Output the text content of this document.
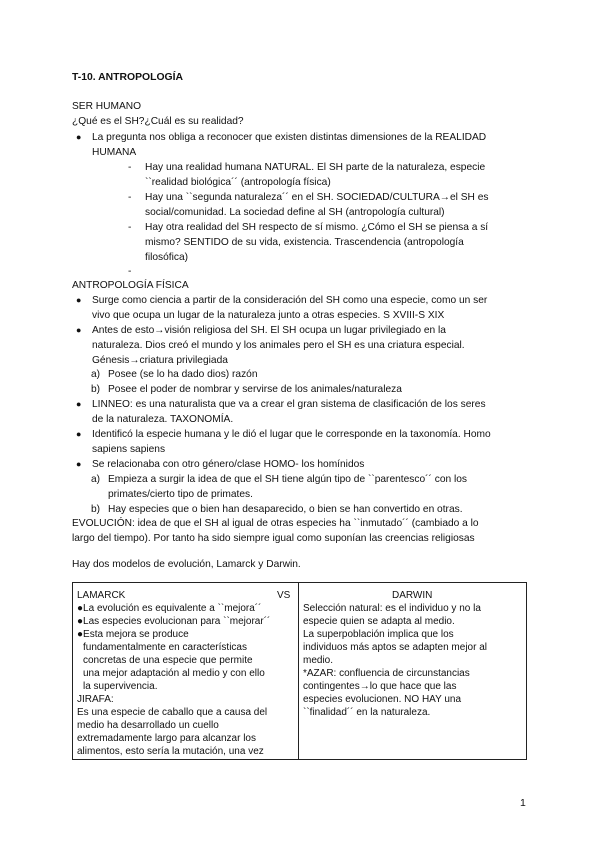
T-10. ANTROPOLOGÍA
SER HUMANO
¿Qué es el SH?¿Cuál es su realidad?
● La pregunta nos obliga a reconocer que existen distintas dimensiones de la REALIDAD
HUMANA
- Hay una realidad humana NATURAL. El SH parte de la naturaleza, especie
``realidad biológica´´ (antropología física)
- Hay una ``segunda naturaleza´´ en el SH. SOCIEDAD/CULTURA→el SH es
social/comunidad. La sociedad define al SH (antropología cultural)
- Hay otra realidad del SH respecto de sí mismo. ¿Cómo el SH se piensa a sí
mismo? SENTIDO de su vida, existencia. Trascendencia (antropología
filosófica)
-
ANTROPOLOGÍA FÍSICA
● Surge como ciencia a partir de la consideración del SH como una especie, como un ser
vivo que ocupa un lugar de la naturaleza junto a otras especies. S XVIII-S XIX
● Antes de esto→visión religiosa del SH. El SH ocupa un lugar privilegiado en la
naturaleza. Dios creó el mundo y los animales pero el SH es una criatura especial.
Génesis→criatura privilegiada
a) Posee (se lo ha dado dios) razón
b) Posee el poder de nombrar y servirse de los animales/naturaleza
● LINNEO: es una naturalista que va a crear el gran sistema de clasificación de los seres
de la naturaleza. TAXONOMÍA.
● Identificó la especie humana y le dió el lugar que le corresponde en la taxonomía. Homo
sapiens sapiens
● Se relacionaba con otro género/clase HOMO- los homínidos
a) Empieza a surgir la idea de que el SH tiene algún tipo de ``parentesco´´ con los
primates/cierto tipo de primates.
b) Hay especies que o bien han desaparecido, o bien se han convertido en otras.
EVOLUCIÓN: idea de que el SH al igual de otras especies ha ``inmutado´´ (cambiado a lo
largo del tiempo). Por tanto ha sido siempre igual como suponían las creencias religiosas
Hay dos modelos de evolución, Lamarck y Darwin.
LAMARCK	VS	DARWIN
●La evolución es equivalente a ``mejora´´
●Las especies evolucionan para ``mejorar´´
●Esta mejora se produce
fundamentalmente en características
concretas de una especie que permite
una mejor adaptación al medio y con ello
la supervivencia.
JIRAFA:
Es una especie de caballo que a causa del
medio ha desarrollado un cuello
extremadamente largo para alcanzar los
alimentos, esto sería la mutación, una vez
Selección natural: es el individuo y no la
especie quien se adapta al medio.
La superpoblación implica que los
individuos más aptos se adapten mejor al
medio.
*AZAR: confluencia de circunstancias
contingentes→lo que hace que las
especies evolucionen. NO HAY una
``finalidad´´ en la naturaleza.
1
